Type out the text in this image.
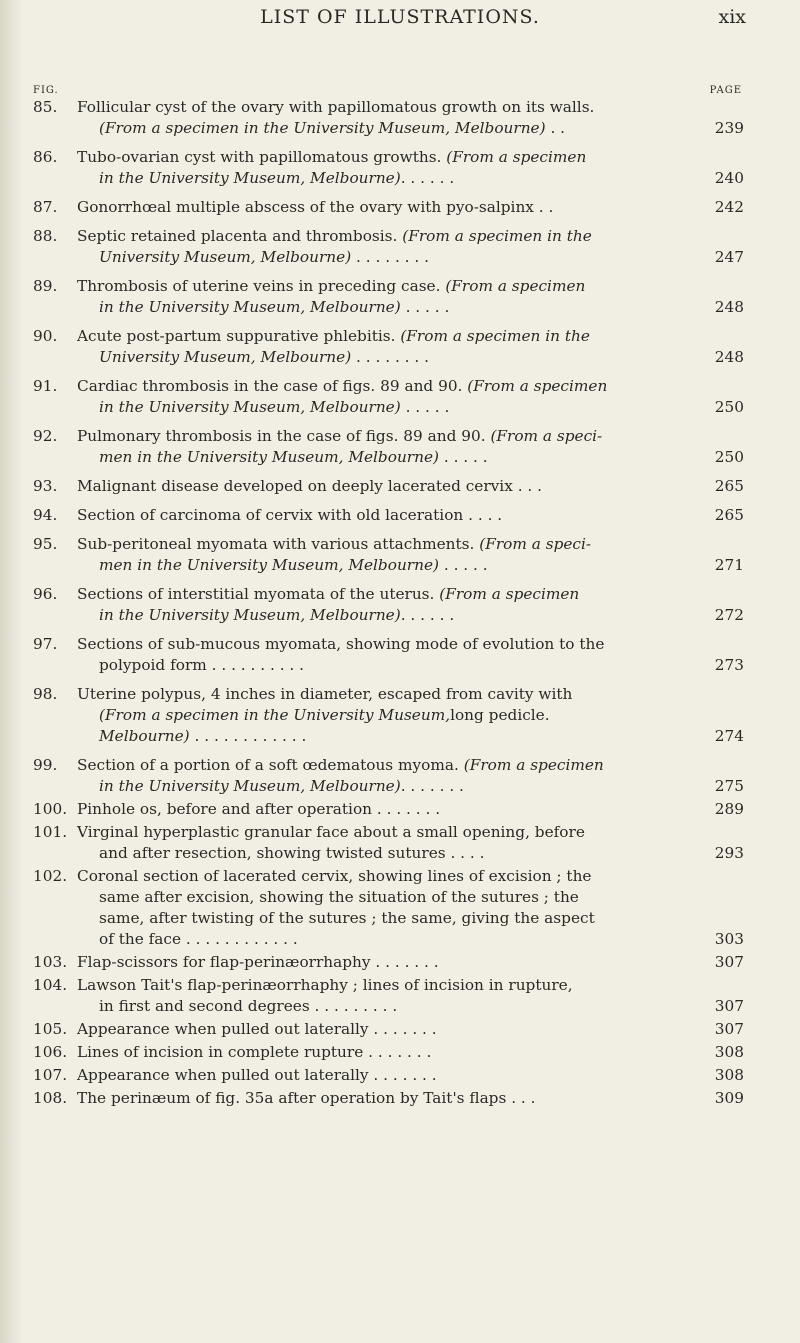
LIST OF ILLUSTRATIONS.	xix
FIG.	PAGE
85.	Follicular cyst of the ovary with papillomatous growth on its walls.
(From a specimen in the University Museum, Melbourne) . .	239
86.	Tubo-ovarian cyst with papillomatous growths. (From a specimen
in the University Museum, Melbourne). . . . . .	240
87.	Gonorrhœal multiple abscess of the ovary with pyo-salpinx . .	242
88.	Septic retained placenta and thrombosis. (From a specimen in the
University Museum, Melbourne) . . . . . . . .	247
89.	Thrombosis of uterine veins in preceding case. (From a specimen
in the University Museum, Melbourne) . . . . .	248
90.	Acute post-partum suppurative phlebitis. (From a specimen in the
University Museum, Melbourne) . . . . . . . .	248
91.	Cardiac thrombosis in the case of figs. 89 and 90. (From a specimen
in the University Museum, Melbourne) . . . . .	250
92.	Pulmonary thrombosis in the case of figs. 89 and 90. (From a speci-
men in the University Museum, Melbourne) . . . . .	250
93.	Malignant disease developed on deeply lacerated cervix . . .	265
94.	Section of carcinoma of cervix with old laceration . . . .	265
95.	Sub-peritoneal myomata with various attachments. (From a speci-
men in the University Museum, Melbourne) . . . . .	271
96.	Sections of interstitial myomata of the uterus. (From a specimen
in the University Museum, Melbourne). . . . . .	272
97.	Sections of sub-mucous myomata, showing mode of evolution to the
polypoid form . . . . . . . . . .	273
98.	Uterine polypus, 4 inches in diameter, escaped from cavity with
(From a specimen in the University Museum,long pedicle.
Melbourne) . . . . . . . . . . . .	274
99.	Section of a portion of a soft œdematous myoma. (From a specimen
in the University Museum, Melbourne). . . . . . .	275
100. Pinhole os, before and after operation . . . . . . .	289
101. Virginal hyperplastic granular face about a small opening, before
and after resection, showing twisted sutures . . . .	293
102. Coronal section of lacerated cervix, showing lines of excision ; the
same after excision, showing the situation of the sutures ; the
same, after twisting of the sutures ; the same, giving the aspect
of the face . . . . . . . . . . . .	303
103. Flap-scissors for flap-perinæorrhaphy . . . . . . .	307
104. Lawson Tait's flap-perinæorrhaphy ; lines of incision in rupture,
in first and second degrees . . . . . . . . .	307
105. Appearance when pulled out laterally . . . . . . .	307
106. Lines of incision in complete rupture . . . . . . .	308
107. Appearance when pulled out laterally . . . . . . .	308
108. The perinæum of fig. 35a after operation by Tait's flaps . . .	309
